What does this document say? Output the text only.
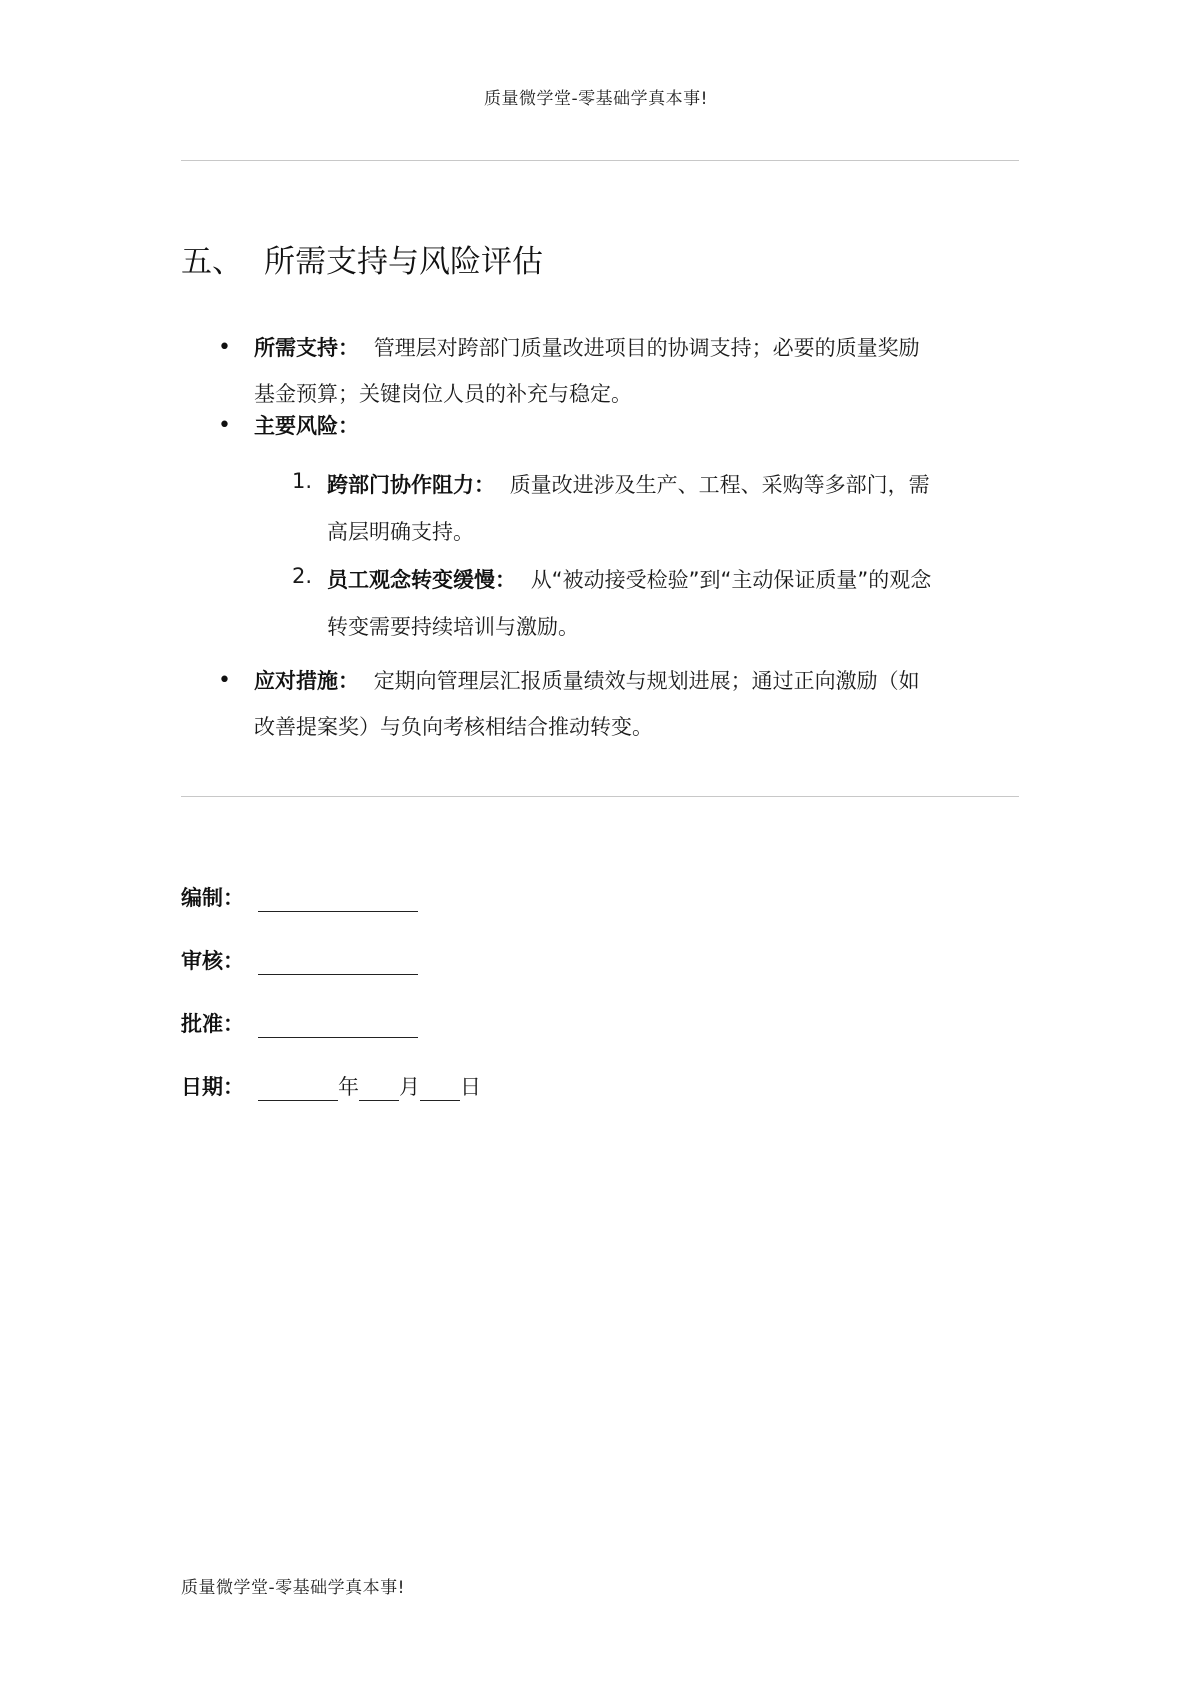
质量微学堂-零基础学真本事!
五、 所需支持与风险评估
• 所需支持： 管理层对跨部门质量改进项目的协调支持；必要的质量奖励
基金预算；关键岗位人员的补充与稳定。
• 主要风险：
1. 跨部门协作阻力： 质量改进涉及生产、工程、采购等多部门，需
高层明确支持。
2. 员工观念转变缓慢： 从“被动接受检验”到“主动保证质量”的观念
转变需要持续培训与激励。
• 应对措施： 定期向管理层汇报质量绩效与规划进展；通过正向激励（如
改善提案奖）与负向考核相结合推动转变。
编制：
审核：
批准：
日期：	年 月 日
质量微学堂-零基础学真本事!
